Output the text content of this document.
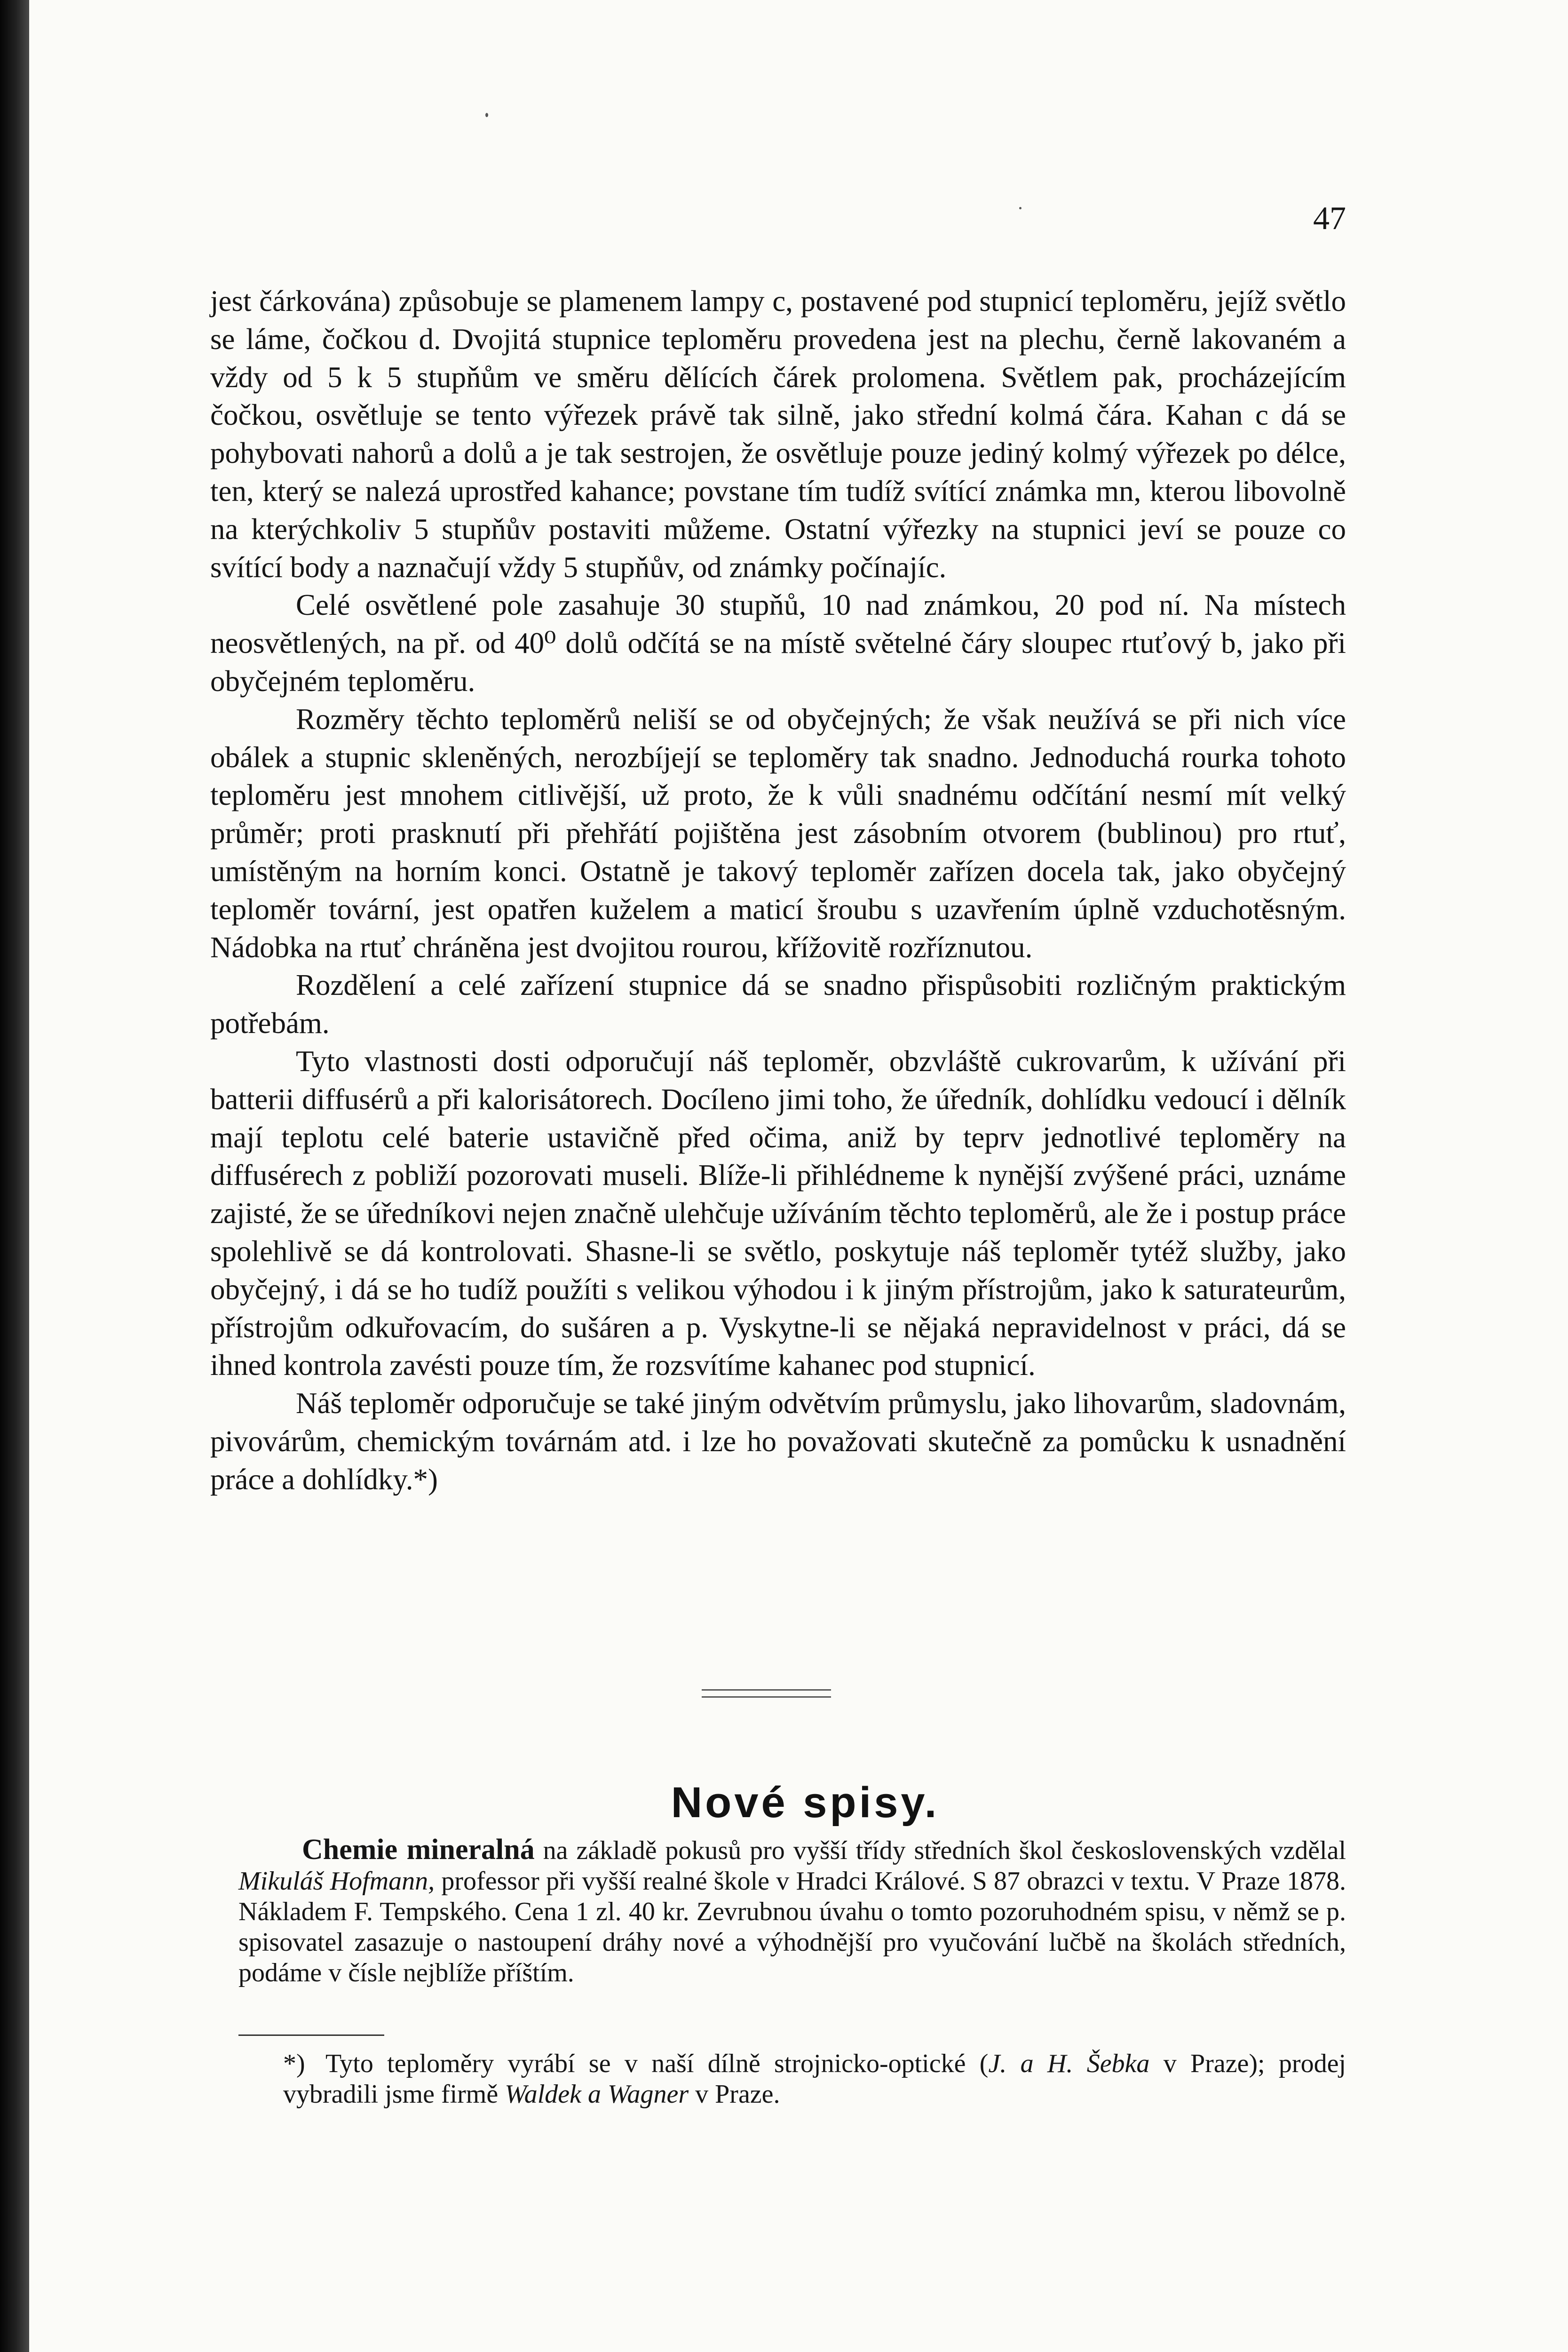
47

jest čárkována) způsobuje se plamenem lampy c, postavené pod stupnicí teploměru, jejíž světlo se láme, čočkou d. Dvojitá stupnice teploměru provedena jest na plechu, černě lakovaném a vždy od 5 k 5 stupňům ve směru dělících čárek prolomena. Světlem pak, procházejícím čočkou, osvětluje se tento výřezek právě tak silně, jako střední kolmá čára. Kahan c dá se pohybovati nahorů a dolů a je tak sestrojen, že osvětluje pouze jediný kolmý výřezek po délce, ten, který se nalezá uprostřed kahance; povstane tím tudíž svítící známka mn, kterou libovolně na kterýchkoliv 5 stupňův postaviti můžeme. Ostatní výřezky na stupnici jeví se pouze co svítící body a naznačují vždy 5 stupňův, od známky počínajíc.

Celé osvětlené pole zasahuje 30 stupňů, 10 nad známkou, 20 pod ní. Na místech neosvětlených, na př. od 40⁰ dolů odčítá se na místě světelné čáry sloupec rtuťový b, jako při obyčejném teploměru.

Rozměry těchto teploměrů neliší se od obyčejných; že však neužívá se při nich více obálek a stupnic skleněných, nerozbíjejí se teploměry tak snadno. Jednoduchá rourka tohoto teploměru jest mnohem citlivější, už proto, že k vůli snadnému odčítání nesmí mít velký průměr; proti prasknutí při přehřátí pojištěna jest zásobním otvorem (bublinou) pro rtuť, umístěným na horním konci. Ostatně je takový teploměr zařízen docela tak, jako obyčejný teploměr tovární, jest opatřen kuželem a maticí šroubu s uzavřením úplně vzduchotěsným. Nádobka na rtuť chráněna jest dvojitou rourou, křížovitě rozříznutou.

Rozdělení a celé zařízení stupnice dá se snadno přispůsobiti rozličným praktickým potřebám.

Tyto vlastnosti dosti odporučují náš teploměr, obzvláště cukrovarům, k užívání při batterii diffusérů a při kalorisátorech. Docíleno jimi toho, že úředník, dohlídku vedoucí i dělník mají teplotu celé baterie ustavičně před očima, aniž by teprv jednotlivé teploměry na diffusérech z pobliží pozorovati museli. Blíže-li přihlédneme k nynější zvýšené práci, uznáme zajisté, že se úředníkovi nejen značně ulehčuje užíváním těchto teploměrů, ale že i postup práce spolehlivě se dá kontrolovati. Shasne-li se světlo, poskytuje náš teploměr tytéž služby, jako obyčejný, i dá se ho tudíž použíti s velikou výhodou i k jiným přístrojům, jako k saturateurům, přístrojům odkuřovacím, do sušáren a p. Vyskytne-li se nějaká nepravidelnost v práci, dá se ihned kontrola zavésti pouze tím, že rozsvítíme kahanec pod stupnicí.

Náš teploměr odporučuje se také jiným odvětvím průmyslu, jako lihovarům, sladovnám, pivovárům, chemickým továrnám atd. i lze ho považovati skutečně za pomůcku k usnadnění práce a dohlídky.*)

Nové spisy.
Chemie mineralná na základě pokusů pro vyšší třídy středních škol československých vzdělal Mikuláš Hofmann, professor při vyšší realné škole v Hradci Králové. S 87 obrazci v textu. V Praze 1878. Nákladem F. Tempského. Cena 1 zl. 40 kr. Zevrubnou úvahu o tomto pozoruhodném spisu, v němž se p. spisovatel zasazuje o nastoupení dráhy nové a výhodnější pro vyučování lučbě na školách středních, podáme v čísle nejblíže příštím.
*) Tyto teploměry vyrábí se v naší dílně strojnicko-optické (J. a H. Šebka v Praze); prodej vybradili jsme firmě Waldek a Wagner v Praze.
